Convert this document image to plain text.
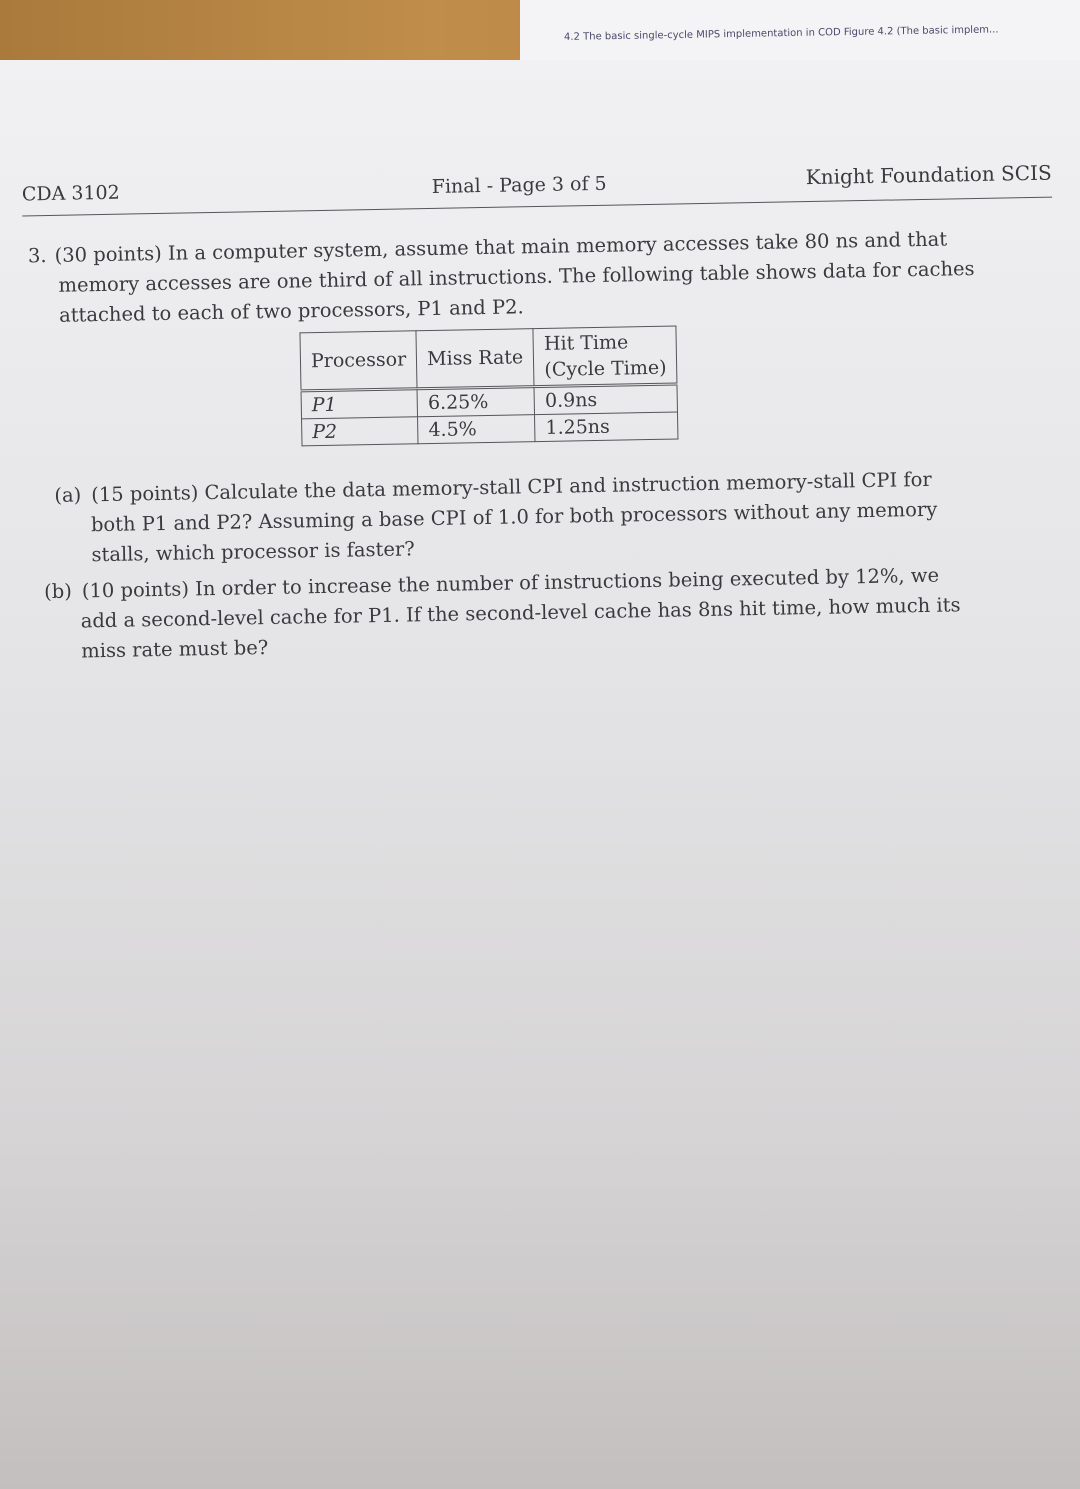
4.2 The basic single-cycle MIPS implementation in COD Figure 4.2 (The basic implem...
CDA 3102	Final - Page 3 of 5	Knight Foundation SCIS
3. (30 points) In a computer system, assume that main memory accesses take 80 ns and that
memory accesses are one third of all instructions. The following table shows data for caches
attached to each of two processors, P1 and P2.
Processor	Miss Rate	Hit Time
(Cycle Time)
P1	6.25%	0.9ns
P2	4.5%	1.25ns
(a) (15 points) Calculate the data memory-stall CPI and instruction memory-stall CPI for
both P1 and P2? Assuming a base CPI of 1.0 for both processors without any memory
stalls, which processor is faster?
(b) (10 points) In order to increase the number of instructions being executed by 12%, we
add a second-level cache for P1. If the second-level cache has 8ns hit time, how much its
miss rate must be?
